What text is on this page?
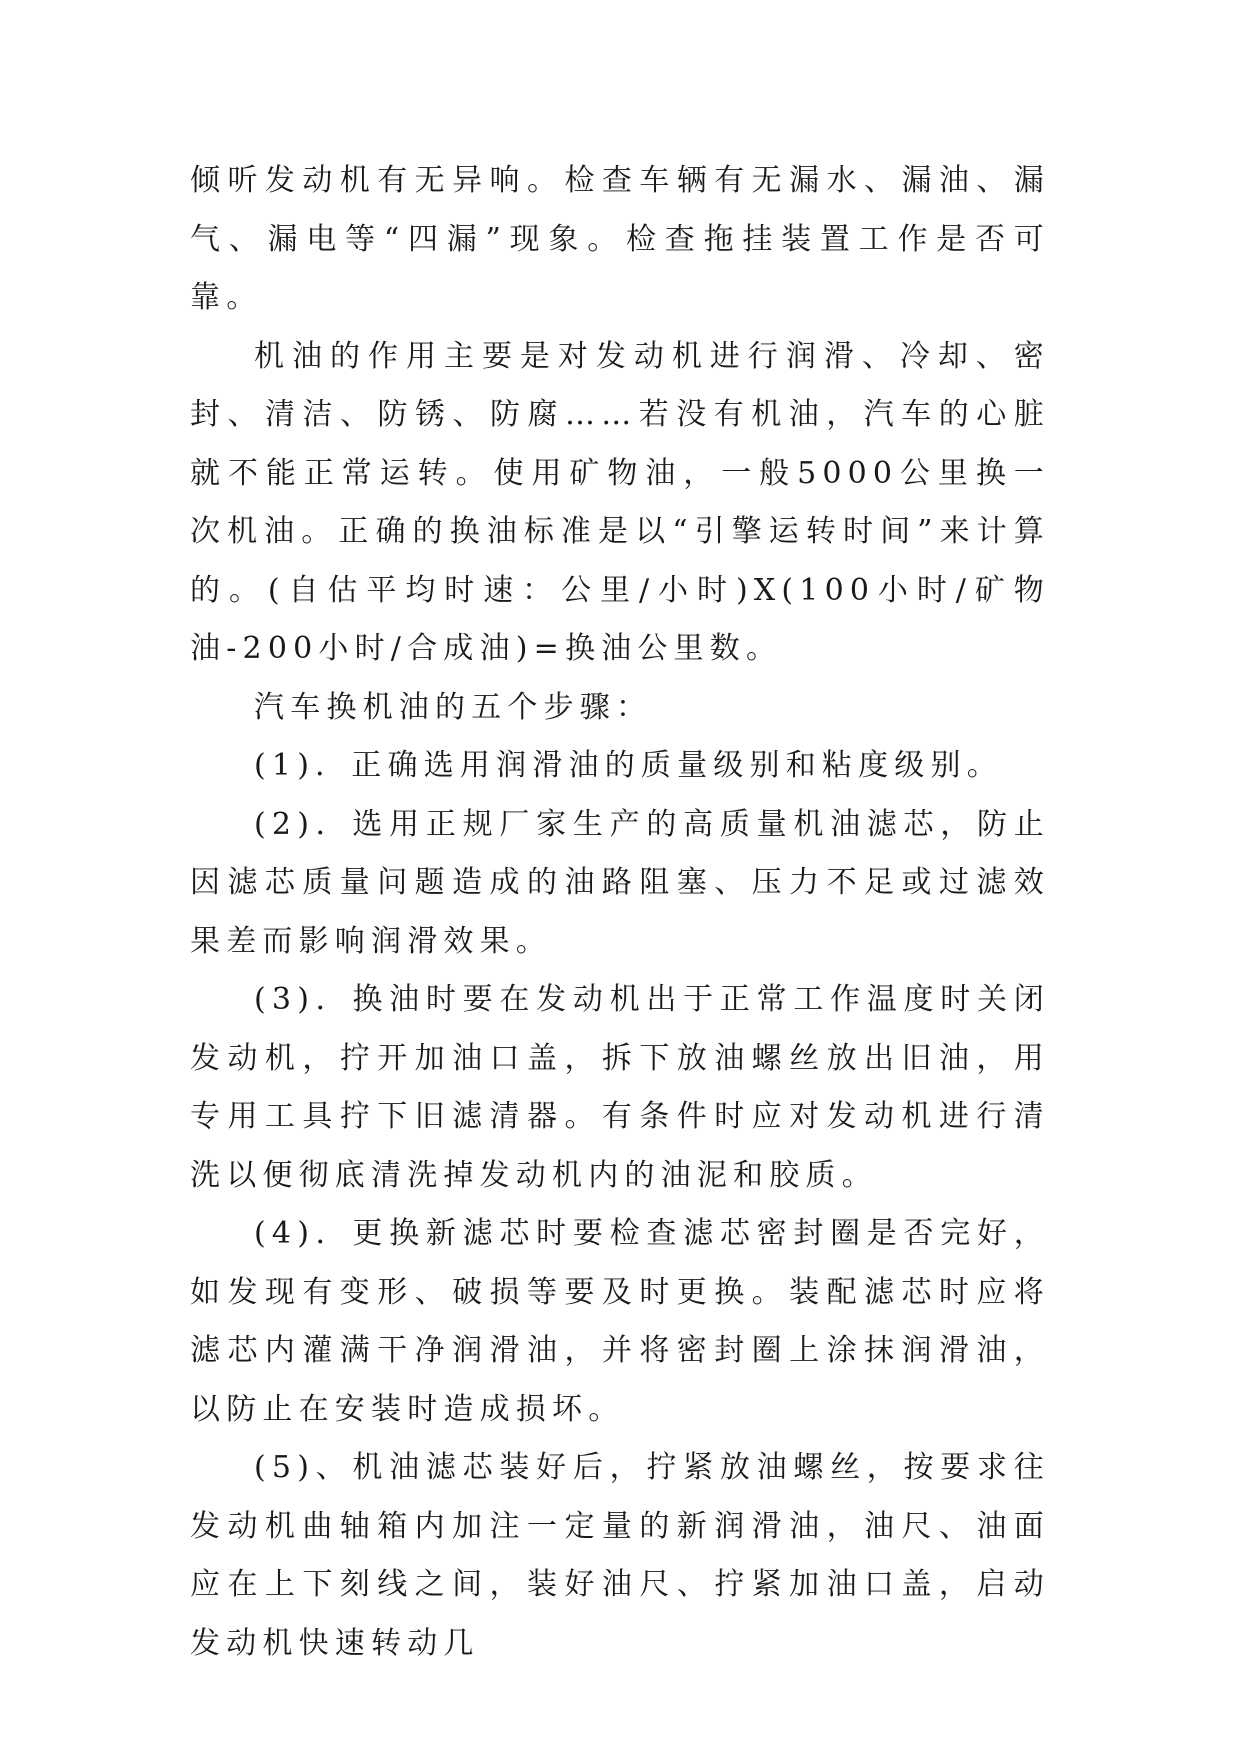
倾听发动机有无异响。检查车辆有无漏水、漏油、漏气、漏电等“四漏”现象。检查拖挂装置工作是否可靠。

机油的作用主要是对发动机进行润滑、冷却、密封、清洁、防锈、防腐……若没有机油，汽车的心脏就不能正常运转。使用矿物油，一般5000公里换一次机油。正确的换油标准是以“引擎运转时间”来计算的。(自估平均时速：公里/小时)X(100小时/矿物油-200小时/合成油)=换油公里数。

汽车换机油的五个步骤：

(1)．正确选用润滑油的质量级别和粘度级别。

(2)．选用正规厂家生产的高质量机油滤芯，防止因滤芯质量问题造成的油路阻塞、压力不足或过滤效果差而影响润滑效果。

(3)．换油时要在发动机出于正常工作温度时关闭发动机，拧开加油口盖，拆下放油螺丝放出旧油，用专用工具拧下旧滤清器。有条件时应对发动机进行清洗以便彻底清洗掉发动机内的油泥和胶质。

(4)．更换新滤芯时要检查滤芯密封圈是否完好，如发现有变形、破损等要及时更换。装配滤芯时应将滤芯内灌满干净润滑油，并将密封圈上涂抹润滑油，以防止在安装时造成损坏。

(5)、机油滤芯装好后，拧紧放油螺丝，按要求往发动机曲轴箱内加注一定量的新润滑油，油尺、油面应在上下刻线之间，装好油尺、拧紧加油口盖，启动发动机快速转动几
